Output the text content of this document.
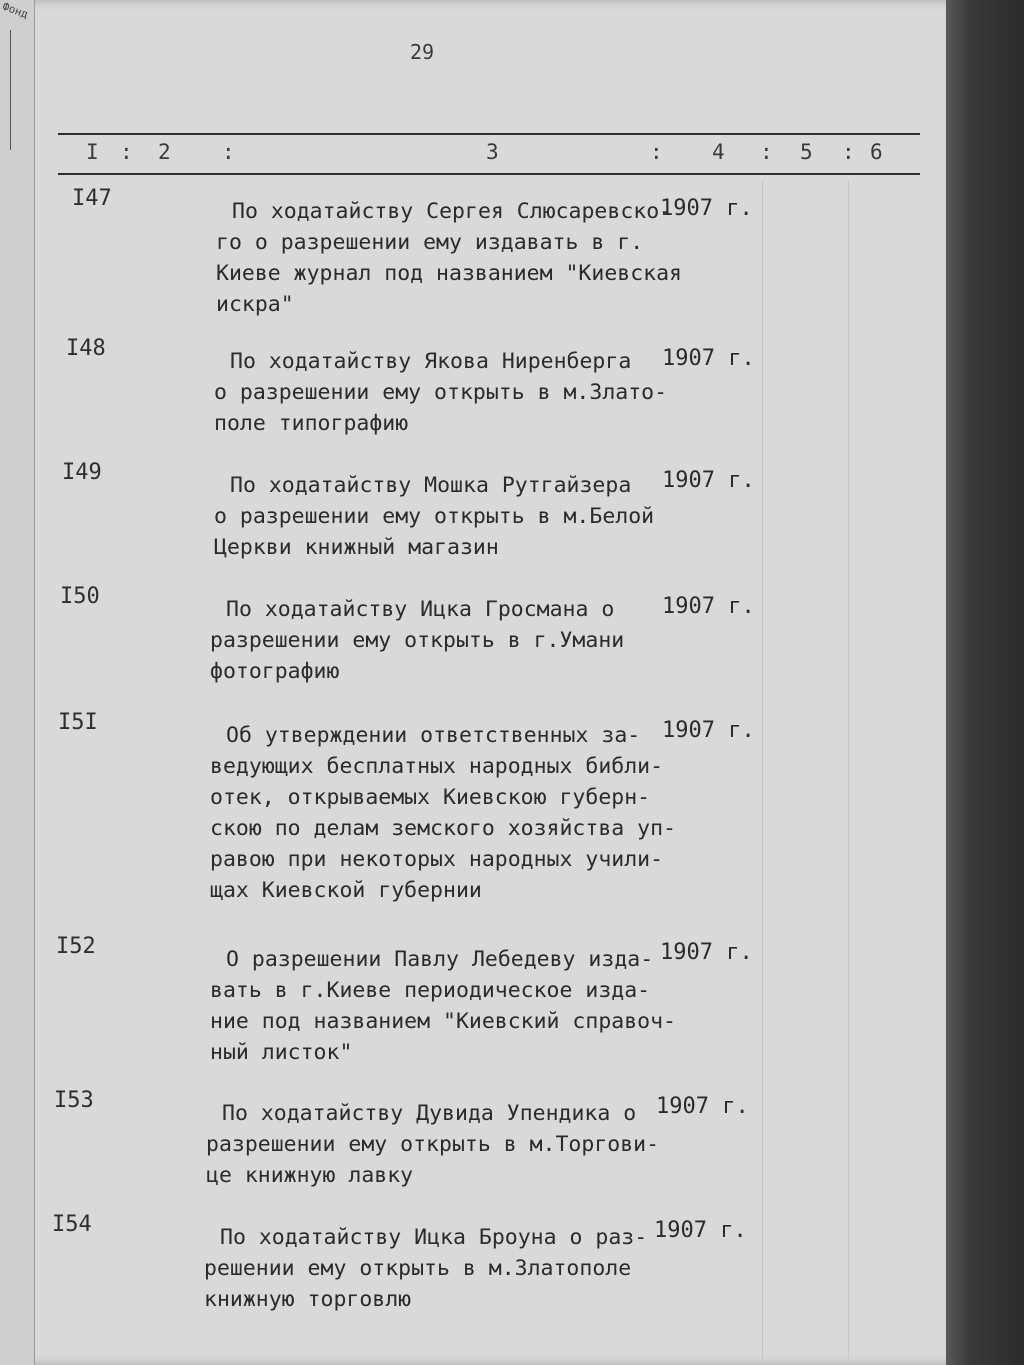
Фонд
29
I : 2 :	3	: 4 : 5 : 6
I47
По ходатайству Сергея Слюсаревско-
го о разрешении ему издавать в г.
Киеве журнал под названием "Киевская
искра"
1907 г.
I48
По ходатайству Якова Ниренберга
о разрешении ему открыть в м.Злато-
поле типографию
1907 г.
I49
По ходатайству Мошка Рутгайзера
о разрешении ему открыть в м.Белой
Церкви книжный магазин
1907 г.
I50
По ходатайству Ицка Гросмана о
разрешении ему открыть в г.Умани
фотографию
1907 г.
I5I
Об утверждении ответственных за-
ведующих бесплатных народных библи-
отек, открываемых Киевскою губерн-
скою по делам земского хозяйства уп-
равою при некоторых народных учили-
щах Киевской губернии
1907 г.
I52
О разрешении Павлу Лебедеву изда-
вать в г.Киеве периодическое изда-
ние под названием "Киевский справоч-
ный листок"
1907 г.
I53
По ходатайству Дувида Упендика о
разрешении ему открыть в м.Торгови-
це книжную лавку
1907 г.
I54
По ходатайству Ицка Броуна о раз-
решении ему открыть в м.Златополе
книжную торговлю
1907 г.
